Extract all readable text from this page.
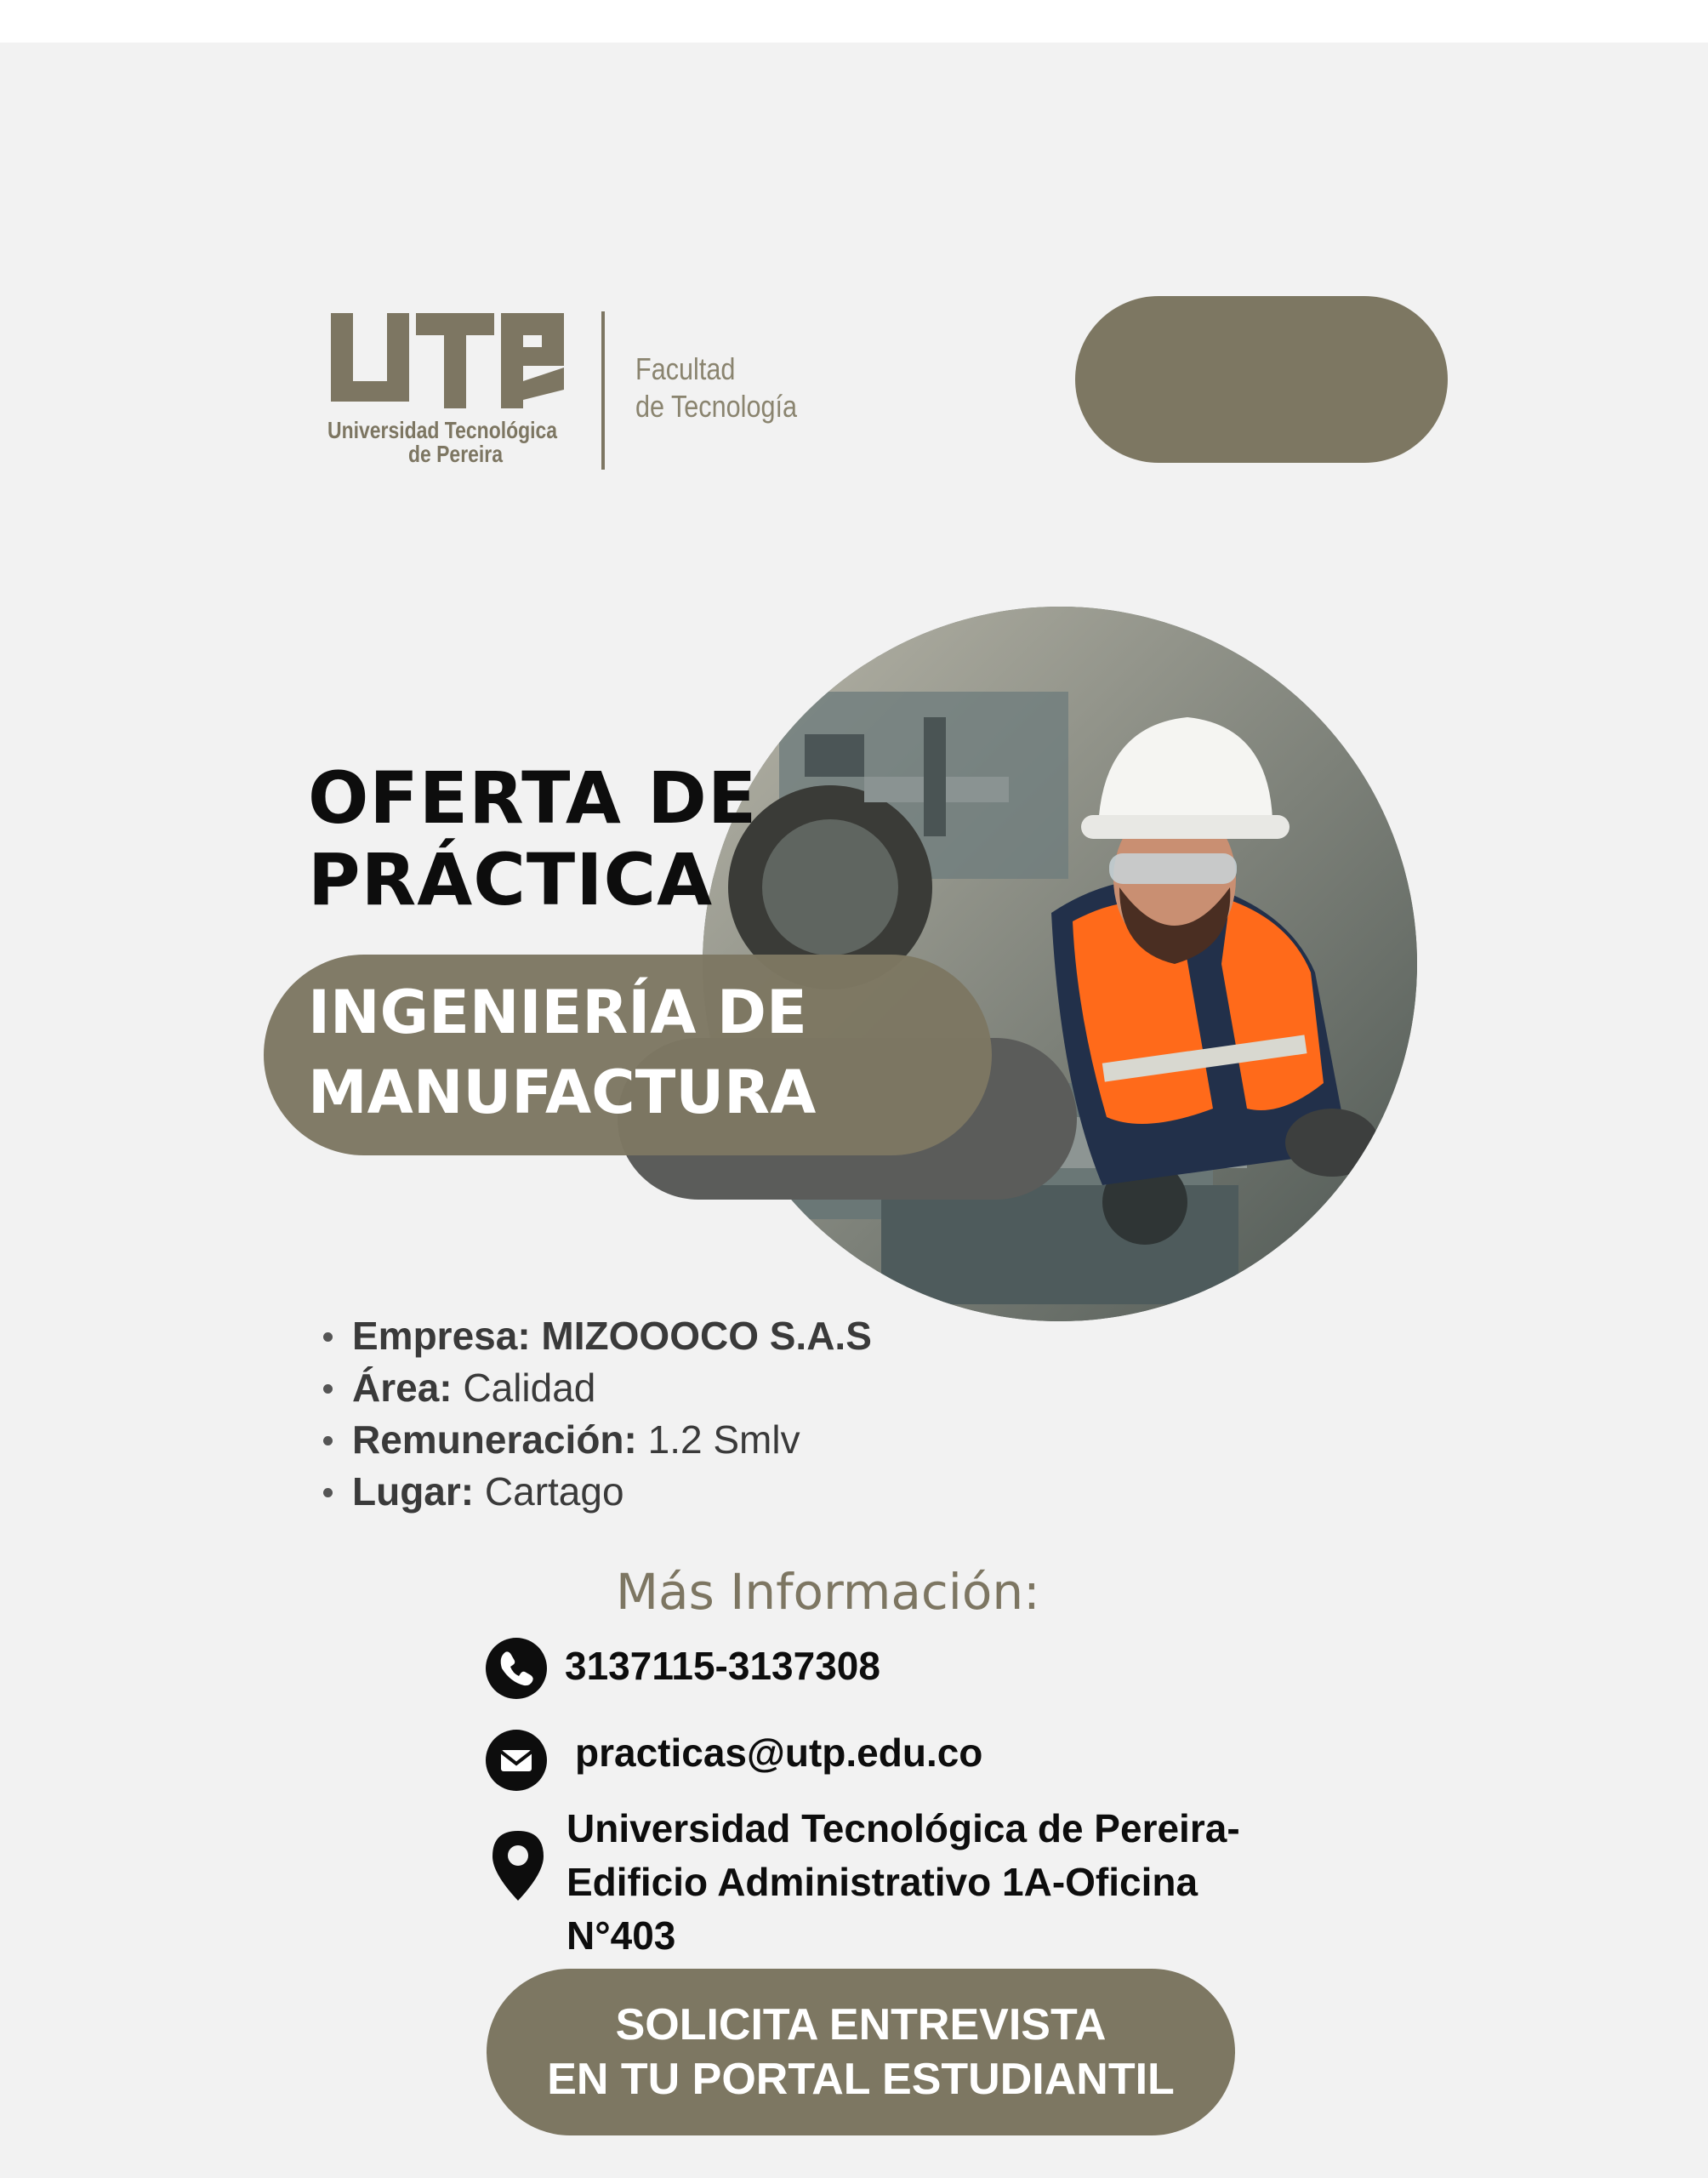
Universidad Tecnológica
de Pereira
Facultad
de Tecnología
OFERTA DE
PRÁCTICA
INGENIERÍA DE
MANUFACTURA
Empresa: MIZOOOCO S.A.S
Área: Calidad
Remuneración: 1.2 Smlv
Lugar: Cartago
Más Información:
3137115-3137308
practicas@utp.edu.co
Universidad Tecnológica de Pereira-
Edificio Administrativo 1A-Oficina
N°403
SOLICITA ENTREVISTA
EN TU PORTAL ESTUDIANTIL
